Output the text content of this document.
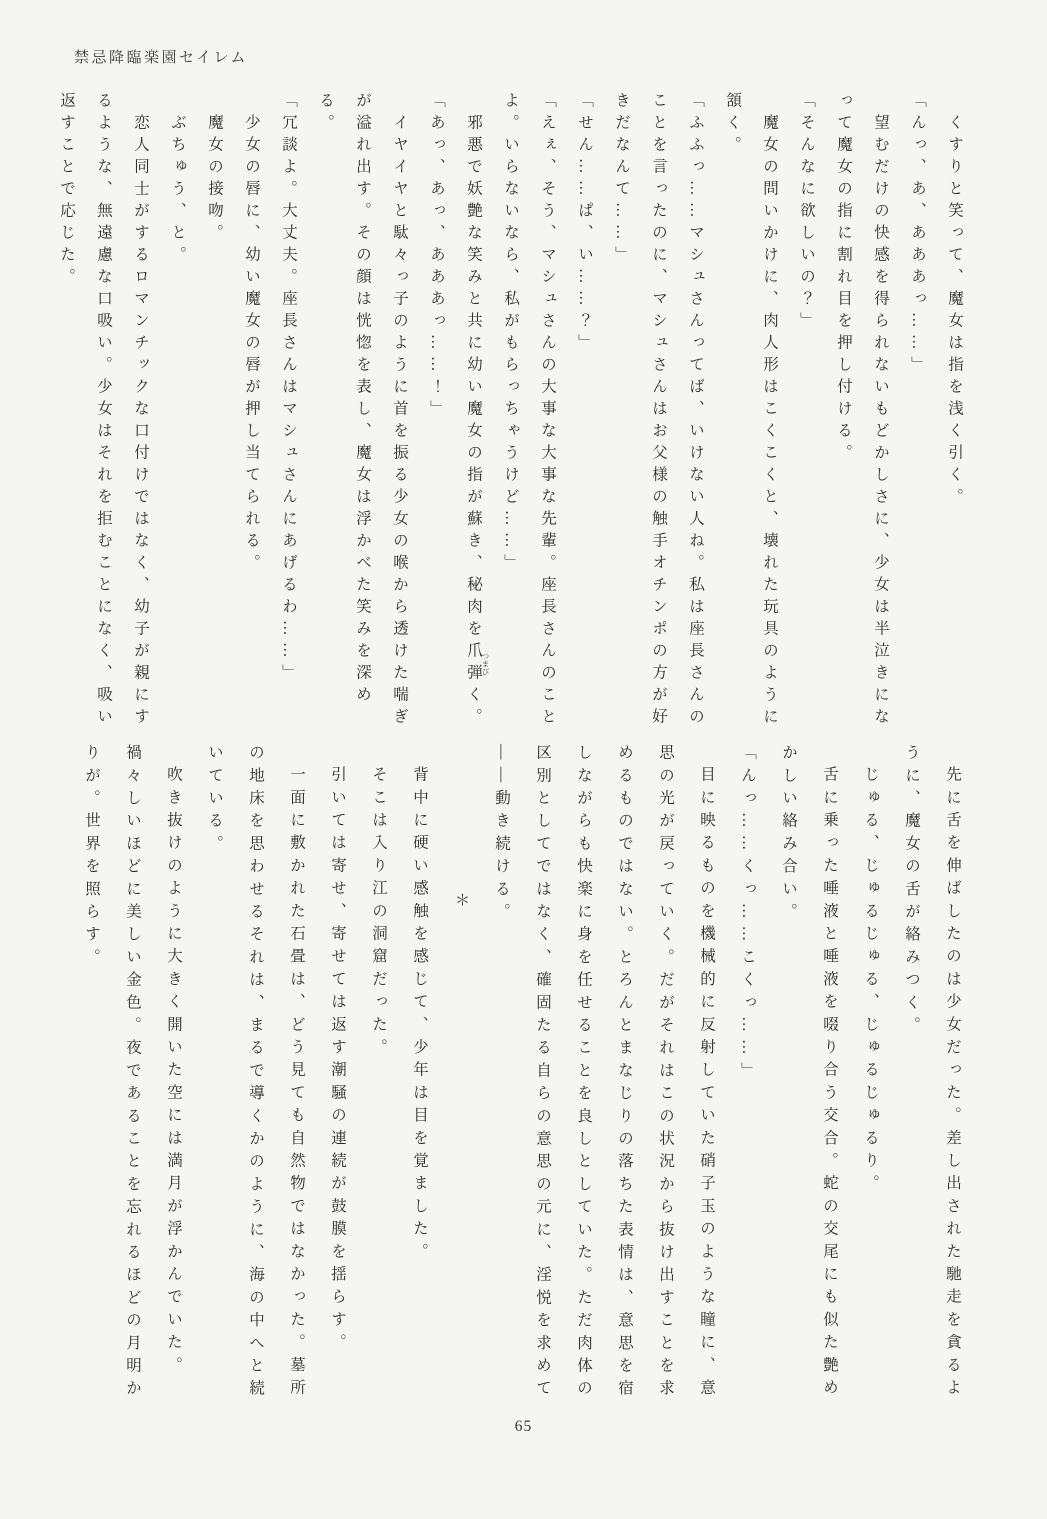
禁忌降臨楽園セイレム

くすりと笑って、魔女は指を浅く引く。

「んっ、あ、あああっ……」

望むだけの快感を得られないもどかしさに、少女は半泣きになって魔女の指に割れ目を押し付ける。

「そんなに欲しいの？」

魔女の問いかけに、肉人形はこくこくと、壊れた玩具のように頷く。

「ふふっ……マシュさんってば、いけない人ね。私は座長さんのことを言ったのに、マシュさんはお父様の触手オチンポの方が好きだなんて……」

「せん……ぱ、い……？」

「えぇ、そう、マシュさんの大事な大事な先輩。座長さんのことよ。いらないなら、私がもらっちゃうけど……」

邪悪で妖艶な笑みと共に幼い魔女の指が蘇き、秘肉を爪弾 つまびく。

「あっ、あっ、あああっ……！」

イヤイヤと駄々っ子のように首を振る少女の喉から透けた喘ぎが溢れ出す。その顔は恍惚を表し、魔女は浮かべた笑みを深める。

「冗談よ。大丈夫。座長さんはマシュさんにあげるわ……」

少女の唇に、幼い魔女の唇が押し当てられる。

魔女の接吻。

ぶちゅう、と。

恋人同士がするロマンチックな口付けではなく、幼子が親にするような、無遠慮な口吸い。少女はそれを拒むことになく、吸い返すことで応じた。

先に舌を伸ばしたのは少女だった。差し出された馳走を貪るように、魔女の舌が絡みつく。

じゅる、じゅるじゅる、じゅるじゅるり。

舌に乗った唾液と唾液を啜り合う交合。蛇の交尾にも似た艶めかしい絡み合い。

「んっ……くっ……こくっ……」

目に映るものを機械的に反射していた硝子玉のような瞳に、意思の光が戻っていく。だがそれはこの状況から抜け出すことを求めるものではない。とろんとまなじりの落ちた表情は、意思を宿しながらも快楽に身を任せることを良しとしていた。ただ肉体の区別としてではなく、確固たる自らの意思の元に、淫悦を求めて——動き続ける。

＊

背中に硬い感触を感じて、少年は目を覚ました。

そこは入り江の洞窟だった。

引いては寄せ、寄せては返す潮騒の連続が鼓膜を揺らす。

一面に敷かれた石畳は、どう見ても自然物ではなかった。墓所の地床を思わせるそれは、まるで導くかのように、海の中へと続いている。

吹き抜けのように大きく開いた空には満月が浮かんでいた。禍々しいほどに美しい金色。夜であることを忘れるほどの月明かりが。世界を照らす。

65
